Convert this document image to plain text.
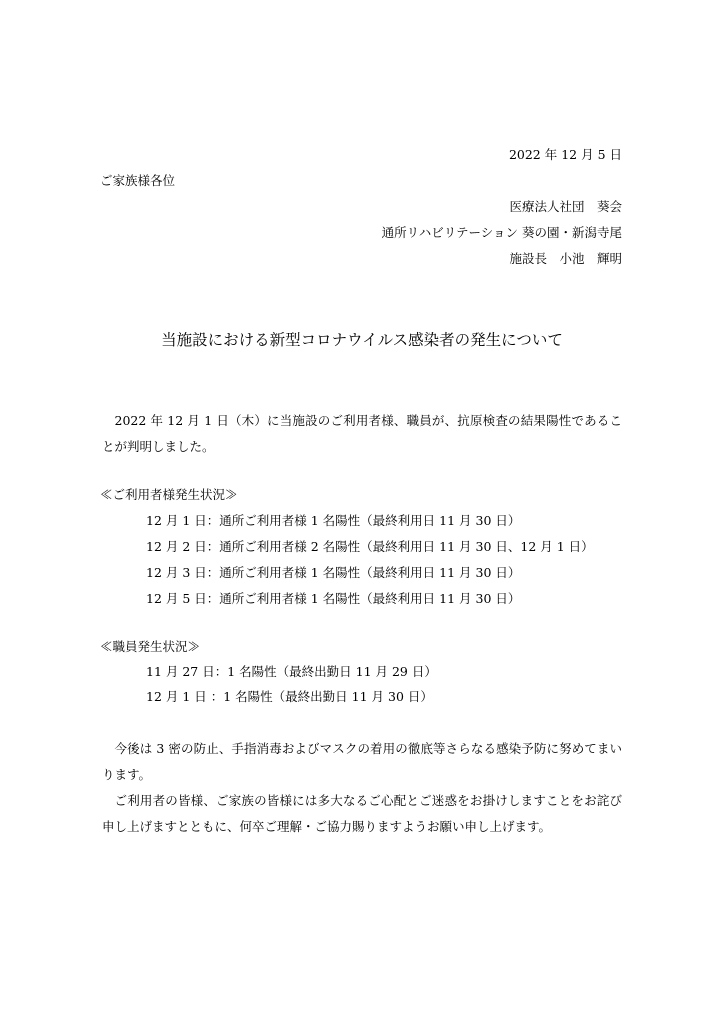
2022 年 12 月 5 日
ご家族様各位
医療法人社団　葵会
通所リハビリテーション 葵の園・新潟寺尾
施設長　小池　輝明
当施設における新型コロナウイルス感染者の発生について

2022 年 12 月 1 日（木）に当施設のご利用者様、職員が、抗原検査の結果陽性であることが判明しました。

≪ご利用者様発生状況≫
12 月 1 日：通所ご利用者様 1 名陽性（最終利用日 11 月 30 日）
12 月 2 日：通所ご利用者様 2 名陽性（最終利用日 11 月 30 日、12 月 1 日）
12 月 3 日：通所ご利用者様 1 名陽性（最終利用日 11 月 30 日）
12 月 5 日：通所ご利用者様 1 名陽性（最終利用日 11 月 30 日）
≪職員発生状況≫
11 月 27 日：1 名陽性（最終出勤日 11 月 29 日）
12 月 1 日 ：1 名陽性（最終出勤日 11 月 30 日）

今後は 3 密の防止、手指消毒およびマスクの着用の徹底等さらなる感染予防に努めてまいります。

ご利用者の皆様、ご家族の皆様には多大なるご心配とご迷惑をお掛けしますことをお詫び申し上げますとともに、何卒ご理解・ご協力賜りますようお願い申し上げます。
